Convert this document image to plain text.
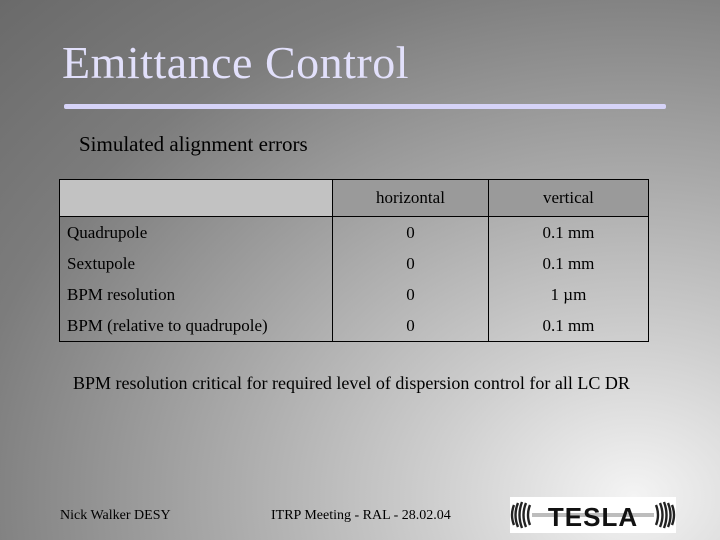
Emittance Control
Simulated alignment errors
	horizontal	vertical
Quadrupole	0	0.1 mm
Sextupole	0	0.1 mm
BPM resolution	0	1 µm
BPM (relative to quadrupole)	0	0.1 mm

BPM resolution critical for required level of dispersion control for all LC DR

Nick Walker DESY	ITRP Meeting - RAL - 28.02.04	TESLA
